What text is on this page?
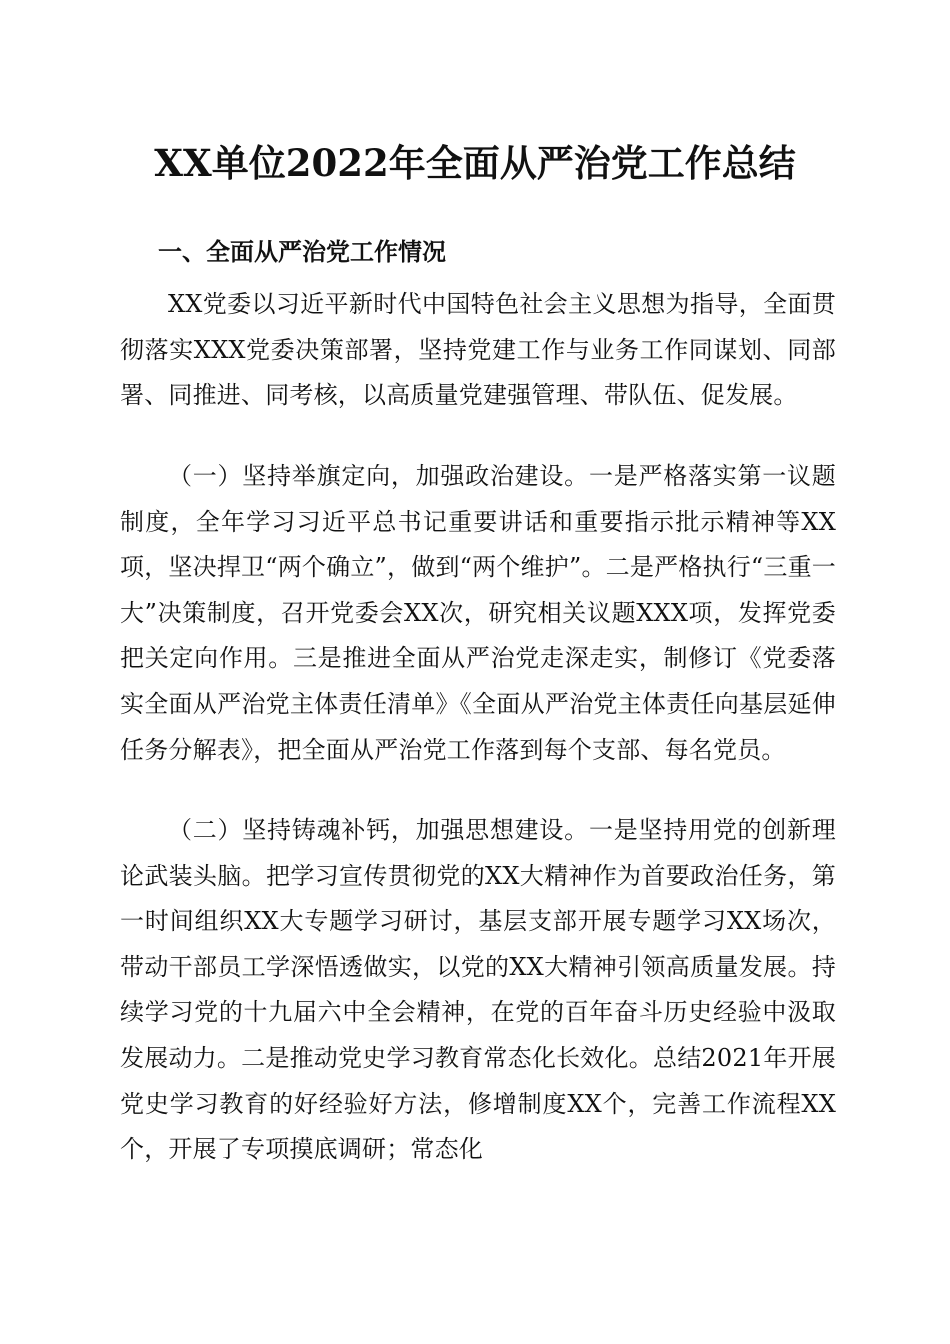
XX单位2022年全面从严治党工作总结
一、全面从严治党工作情况

XX党委以习近平新时代中国特色社会主义思想为指导，全面贯彻落实XXX党委决策部署，坚持党建工作与业务工作同谋划、同部署、同推进、同考核，以高质量党建强管理、带队伍、促发展。

（一）坚持举旗定向，加强政治建设。一是严格落实第一议题制度，全年学习习近平总书记重要讲话和重要指示批示精神等XX项，坚决捍卫“两个确立”，做到“两个维护”。二是严格执行“三重一大”决策制度，召开党委会XX次，研究相关议题XXX项，发挥党委把关定向作用。三是推进全面从严治党走深走实，制修订《党委落实全面从严治党主体责任清单》《全面从严治党主体责任向基层延伸任务分解表》，把全面从严治党工作落到每个支部、每名党员。

（二）坚持铸魂补钙，加强思想建设。一是坚持用党的创新理论武装头脑。把学习宣传贯彻党的XX大精神作为首要政治任务，第一时间组织XX大专题学习研讨，基层支部开展专题学习XX场次，带动干部员工学深悟透做实，以党的XX大精神引领高质量发展。持续学习党的十九届六中全会精神，在党的百年奋斗历史经验中汲取发展动力。二是推动党史学习教育常态化长效化。总结2021年开展党史学习教育的好经验好方法，修增制度XX个，完善工作流程XX个，开展了专项摸底调研；常态化
